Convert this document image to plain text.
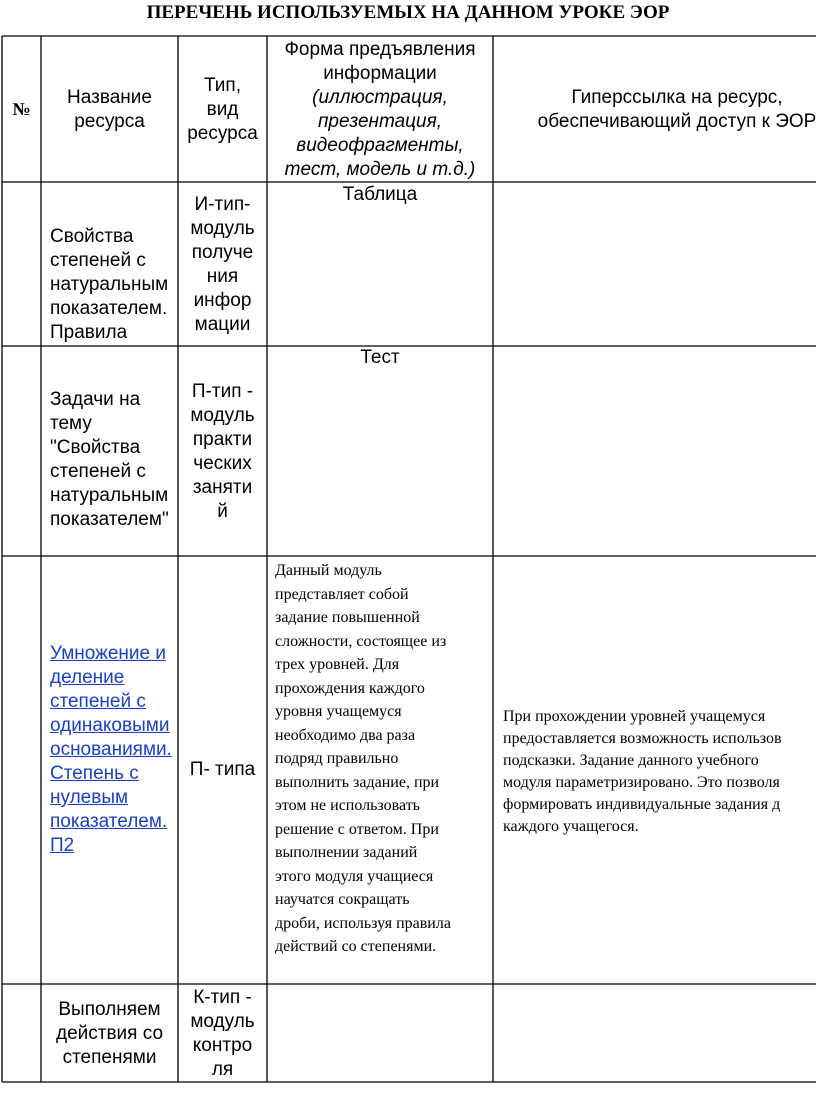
ПЕРЕЧЕНЬ ИСПОЛЬЗУЕМЫХ НА ДАННОМ УРОКЕ ЭОР
№
Название
ресурса
Тип,
вид
ресурса
Форма предъявления
информации
(иллюстрация,
презентация,
видеофрагменты,
тест, модель и т.д.)
Гиперссылка на ресурс,
обеспечивающий доступ к ЭОР
Свойства
степеней с
натуральным
показателем.
Правила
И-тип-
модуль
получе
ния
инфор
мации
Таблица
Задачи на
тему
"Свойства
степеней с
натуральным
показателем"
П-тип -
модуль
практи
ческих
заняти
й
Тест
Умножение и
деление
степеней с
одинаковыми
основаниями.
Степень с
нулевым
показателем.
П2
П- типа
Данный модуль
представляет собой
задание повышенной
сложности, состоящее из
трех уровней. Для
прохождения каждого
уровня учащемуся
необходимо два раза
подряд правильно
выполнить задание, при
этом не использовать
решение с ответом. При
выполнении заданий
этого модуля учащиеся
научатся сокращать
дроби, используя правила
действий со степенями.
При прохождении уровней учащемуся
предоставляется возможность использов
подсказки. Задание данного учебного
модуля параметризировано. Это позволя
формировать индивидуальные задания д
каждого учащегося.
Выполняем
действия со
степенями
К-тип -
модуль
контро
ля
